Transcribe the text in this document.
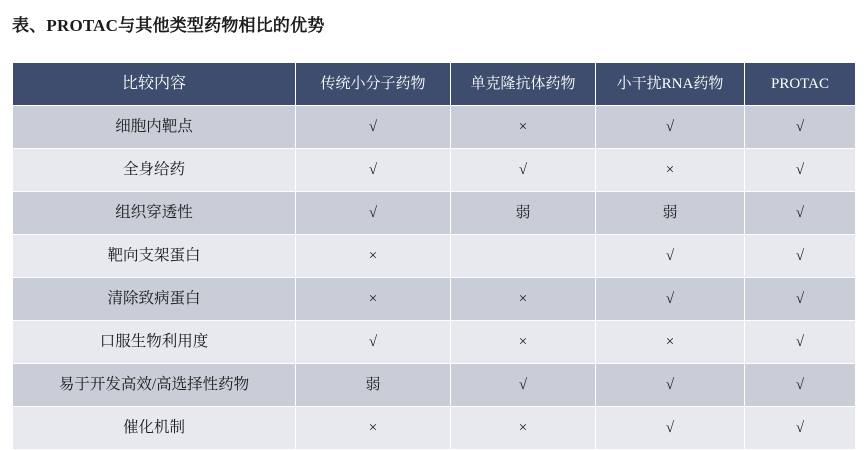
表、PROTAC与其他类型药物相比的优势
比较内容	传统小分子药物	单克隆抗体药物	小干扰RNA药物	PROTAC
细胞内靶点	√	×	√	√
全身给药	√	√	×	√
组织穿透性	√	弱	弱	√
靶向支架蛋白	×		√	√
清除致病蛋白	×	×	√	√
口服生物利用度	√	×	×	√
易于开发高效/高选择性药物	弱	√	√	√
催化机制	×	×	√	√
